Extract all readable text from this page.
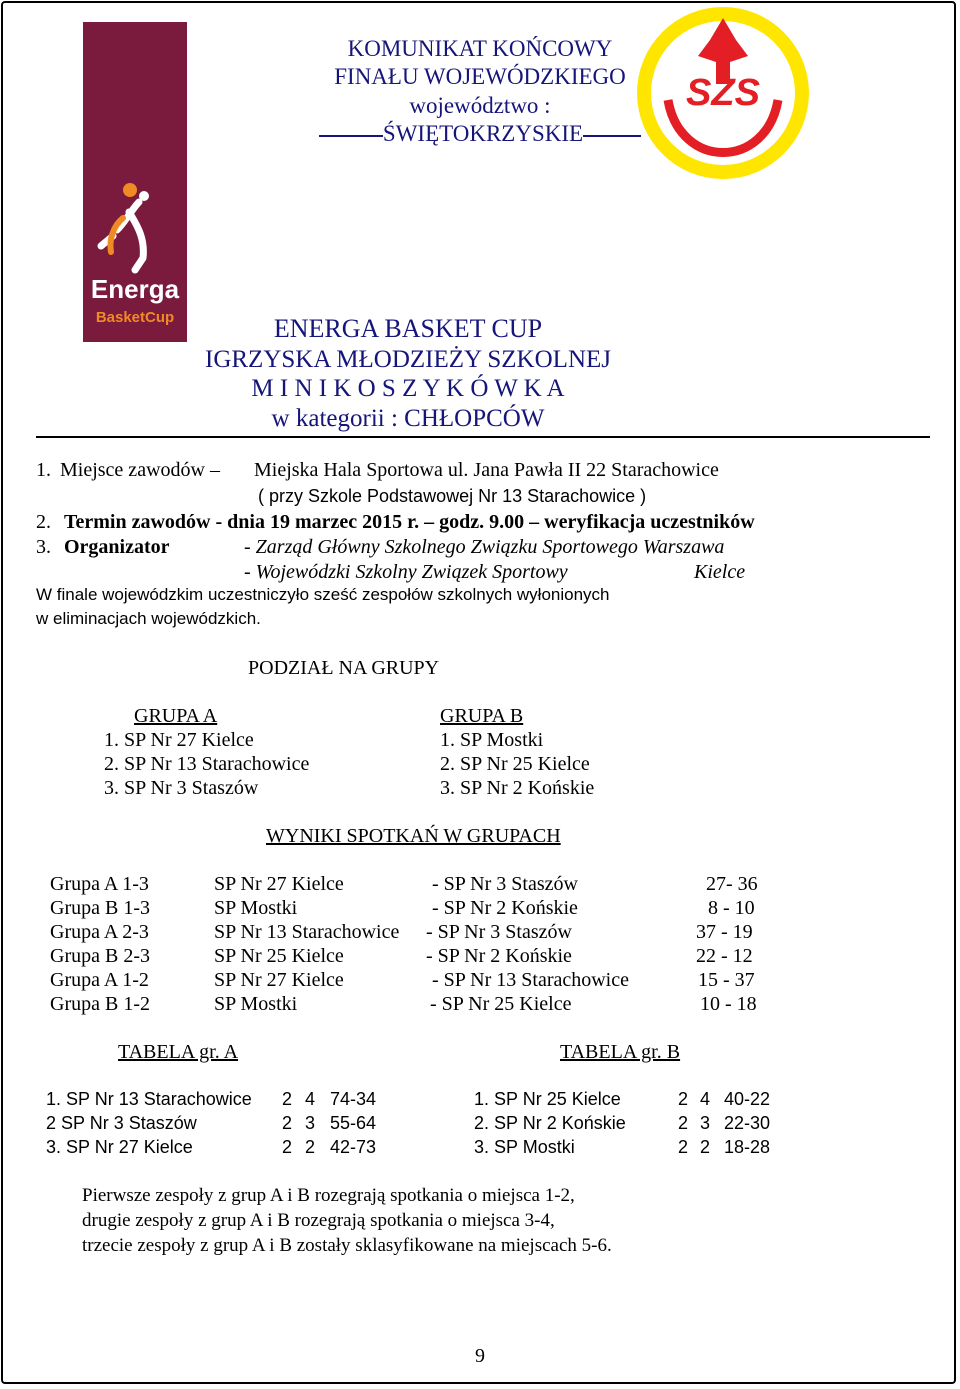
KOMUNIKAT KOŃCOWY
FINAŁU WOJEWÓDZKIEGO
województwo :
ŚWIĘTOKRZYSKIE
Energa
BasketCup
SZS
ENERGA BASKET CUP
IGRZYSKA MŁODZIEŻY SZKOLNEJ
M I N I K O S Z Y K Ó W K A
w kategorii : CHŁOPCÓW
1. Miejsce zawodów – Miejska Hala Sportowa ul. Jana Pawła II 22 Starachowice
( przy Szkole Podstawowej Nr 13 Starachowice )
2. Termin zawodów - dnia 19 marzec 2015 r. – godz. 9.00 – weryfikacja uczestników
3. Organizator	- Zarząd Główny Szkolnego Związku Sportowego Warszawa
- Wojewódzki Szkolny Związek Sportowy	Kielce
W finale wojewódzkim uczestniczyło sześć zespołów szkolnych wyłonionych
w eliminacjach wojewódzkich.
PODZIAŁ NA GRUPY
GRUPA A	GRUPA B
1. SP Nr 27 Kielce
2. SP Nr 13 Starachowice
3. SP Nr 3 Staszów
1. SP Mostki
2. SP Nr 25 Kielce
3. SP Nr 2 Końskie
WYNIKI SPOTKAŃ W GRUPACH
Grupa A 1-3	SP Nr 27 Kielce	- SP Nr 3 Staszów	27- 36
Grupa B 1-3	SP Mostki	- SP Nr 2 Końskie	8 - 10
Grupa A 2-3	SP Nr 13 Starachowice - SP Nr 3 Staszów	37 - 19
Grupa B 2-3	SP Nr 25 Kielce	- SP Nr 2 Końskie	22 - 12
Grupa A 1-2	SP Nr 27 Kielce	- SP Nr 13 Starachowice	15 - 37
Grupa B 1-2	SP Mostki	- SP Nr 25 Kielce	10 - 18
TABELA gr. A	TABELA gr. B
1. SP Nr 13 Starachowice 2 4 74-34
2 SP Nr 3 Staszów	2 3 55-64
3. SP Nr 27 Kielce	2 2 42-73
1. SP Nr 25 Kielce	2 4 40-22
2. SP Nr 2 Końskie	2 3 22-30
3. SP Mostki	2 2 18-28
Pierwsze zespoły z grup A i B rozegrają spotkania o miejsca 1-2,
drugie zespoły z grup A i B rozegrają spotkania o miejsca 3-4,
trzecie zespoły z grup A i B zostały sklasyfikowane na miejscach 5-6.
9
